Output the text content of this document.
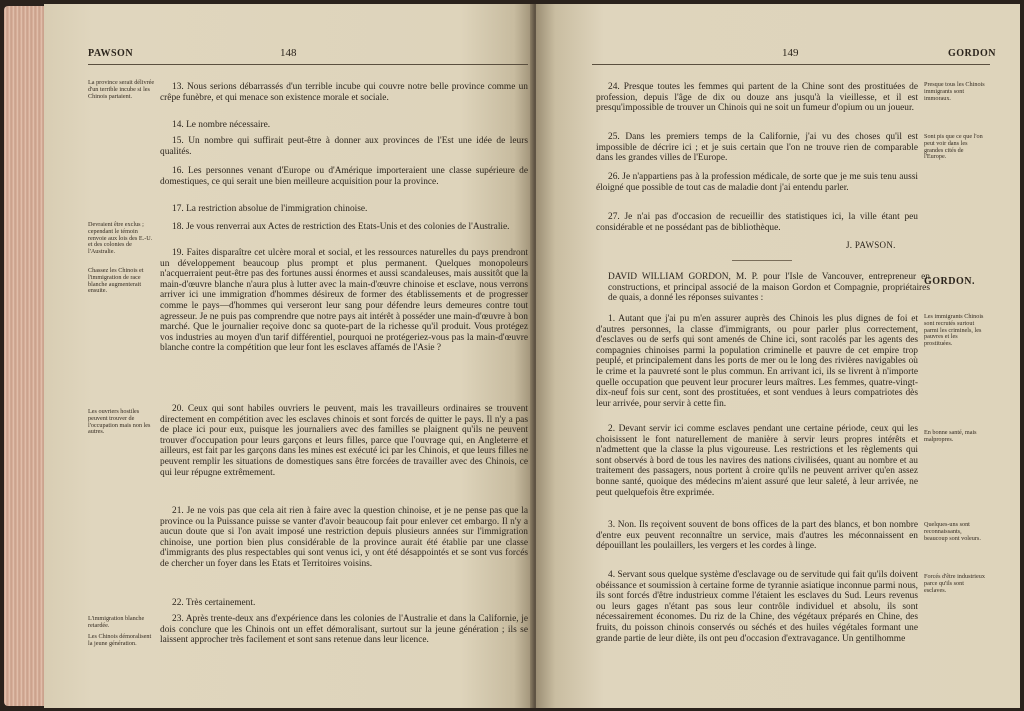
PAWSON	148

La province serait délivrée d'un terrible incube si les Chinois partaient.

Devraient être exclus ; cependant le témoin renvoie aux lois des E.-U. et des colonies de l'Australie.

Chassez les Chinois et l'immigration de race blanche augmenterait ensuite.

Les ouvriers hostiles peuvent trouver de l'occupation mais non les autres.

L'immigration blanche retardée.

Les Chinois démoralisent la jeune génération.

13. Nous serions débarrassés d'un terrible incube qui couvre notre belle province comme un crêpe funèbre, et qui menace son existence morale et sociale.

14. Le nombre nécessaire.

15. Un nombre qui suffirait peut-être à donner aux provinces de l'Est une idée de leurs qualités.

16. Les personnes venant d'Europe ou d'Amérique importeraient une classe supérieure de domestiques, ce qui serait une bien meilleure acquisition pour la province.

17. La restriction absolue de l'immigration chinoise.

18. Je vous renverrai aux Actes de restriction des Etats-Unis et des colonies de l'Australie.

19. Faites disparaître cet ulcère moral et social, et les ressources naturelles du pays prendront un développement beaucoup plus prompt et plus permanent. Quelques monopoleurs n'acquerraient peut-être pas des fortunes aussi énormes et aussi scandaleuses, mais aussitôt que la main-d'œuvre blanche n'aura plus à lutter avec la main-d'œuvre chinoise et esclave, nous verrons arriver ici une immigration d'hommes désireux de former des établissements et de progresser comme le pays—d'hommes qui verseront leur sang pour défendre leurs demeures contre tout agresseur. Je ne puis pas comprendre que notre pays ait intérêt à posséder une main-d'œuvre à bon marché. Que le journalier reçoive donc sa quote-part de la richesse qu'il produit. Vous protégez vos industries au moyen d'un tarif différentiel, pourquoi ne protégeriez-vous pas la main-d'œuvre blanche contre la compétition que leur font les esclaves affamés de l'Asie ?

20. Ceux qui sont habiles ouvriers le peuvent, mais les travailleurs ordinaires se trouvent directement en compétition avec les esclaves chinois et sont forcés de quitter le pays. Il n'y a pas de place ici pour eux, puisque les journaliers avec des familles se plaignent qu'ils ne peuvent trouver d'occupation pour leurs garçons et leurs filles, parce que l'ouvrage qui, en Angleterre et ailleurs, est fait par les garçons dans les mines est exécuté ici par les Chinois, et que leurs filles ne peuvent remplir les situations de domestiques sans être forcées de travailler avec des Chinois, ce qui leur répugne extrêmement.

21. Je ne vois pas que cela ait rien à faire avec la question chinoise, et je ne pense pas que la province ou la Puissance puisse se vanter d'avoir beaucoup fait pour enlever cet embargo. Il n'y a aucun doute que si l'on avait imposé une restriction depuis plusieurs années sur l'immigration chinoise, une portion bien plus considérable de la province aurait été établie par une classe d'immigrants des plus respectables qui sont venus ici, y ont été désappointés et se sont vus forcés de chercher un foyer dans les Etats et Territoires voisins.

22. Très certainement.

23. Après trente-deux ans d'expérience dans les colonies de l'Australie et dans la Californie, je dois conclure que les Chinois ont un effet démoralisant, surtout sur la jeune génération ; ils se laissent approcher très facilement et sont sans retenue dans leur licence.

149	GORDON

24. Presque toutes les femmes qui partent de la Chine sont des prostituées de profession, depuis l'âge de dix ou douze ans jusqu'à la vieillesse, et il est presqu'impossible de trouver un Chinois qui ne soit un fumeur d'opium ou un joueur.

25. Dans les premiers temps de la Californie, j'ai vu des choses qu'il est impossible de décrire ici ; et je suis certain que l'on ne trouve rien de comparable dans les grandes villes de l'Europe.

26. Je n'appartiens pas à la profession médicale, de sorte que je me suis tenu aussi éloigné que possible de tout cas de maladie dont j'ai entendu parler.

27. Je n'ai pas d'occasion de recueillir des statistiques ici, la ville étant peu considérable et ne possédant pas de bibliothèque.

J. PAWSON.

Presque tous les Chinois immigrants sont immoraux.

Sont pis que ce que l'on peut voir dans les grandes cités de l'Europe.

DAVID WILLIAM GORDON, M. P. pour l'Isle de Vancouver, entrepreneur en constructions, et principal associé de la maison Gordon et Compagnie, propriétaires de quais, a donné les réponses suivantes :

GORDON.

Les immigrants Chinois sont recrutés surtout parmi les criminels, les pauvres et les prostituées.

En bonne santé, mais malpropres.

Quelques-uns sont reconnaissants, beaucoup sont voleurs.

Forcés d'être industrieux parce qu'ils sont esclaves.

1. Autant que j'ai pu m'en assurer auprès des Chinois les plus dignes de foi et d'autres personnes, la classe d'immigrants, ou pour parler plus correctement, d'esclaves ou de serfs qui sont amenés de Chine ici, sont racolés par les agents des compagnies chinoises parmi la population criminelle et pauvre de cet empire trop peuplé, et principalement dans les ports de mer ou le long des rivières navigables où le crime et la pauvreté sont le plus commun. En arrivant ici, ils se livrent à n'importe quelle occupation que peuvent leur procurer leurs maîtres. Les femmes, quatre-vingt-dix-neuf fois sur cent, sont des prostituées, et sont vendues à leurs compatriotes dès leur arrivée, pour servir à cette fin.

2. Devant servir ici comme esclaves pendant une certaine période, ceux qui les choisissent le font naturellement de manière à servir leurs propres intérêts et n'admettent que la classe la plus vigoureuse. Les restrictions et les règlements qui sont observés à bord de tous les navires des nations civilisées, quant au nombre et au traitement des passagers, nous portent à croire qu'ils ne peuvent arriver qu'en assez bonne santé, quoique des médecins m'aient assuré que leur saleté, à leur arrivée, ne peut quelquefois être exprimée.

3. Non. Ils reçoivent souvent de bons offices de la part des blancs, et bon nombre d'entre eux peuvent reconnaître un service, mais d'autres les méconnaissent en dépouillant les poulaillers, les vergers et les cordes à linge.

4. Servant sous quelque système d'esclavage ou de servitude qui fait qu'ils doivent obéissance et soumission à certaine forme de tyrannie asiatique inconnue parmi nous, ils sont forcés d'être industrieux comme l'étaient les esclaves du Sud. Leurs revenus ou leurs gages n'étant pas sous leur contrôle individuel et absolu, ils sont nécessairement économes. Du riz de la Chine, des végétaux préparés en Chine, des fruits, du poisson chinois conservés ou séchés et des huiles végétales formant une grande partie de leur diète, ils ont peu d'occasion d'extravagance. Un gentilhomme
